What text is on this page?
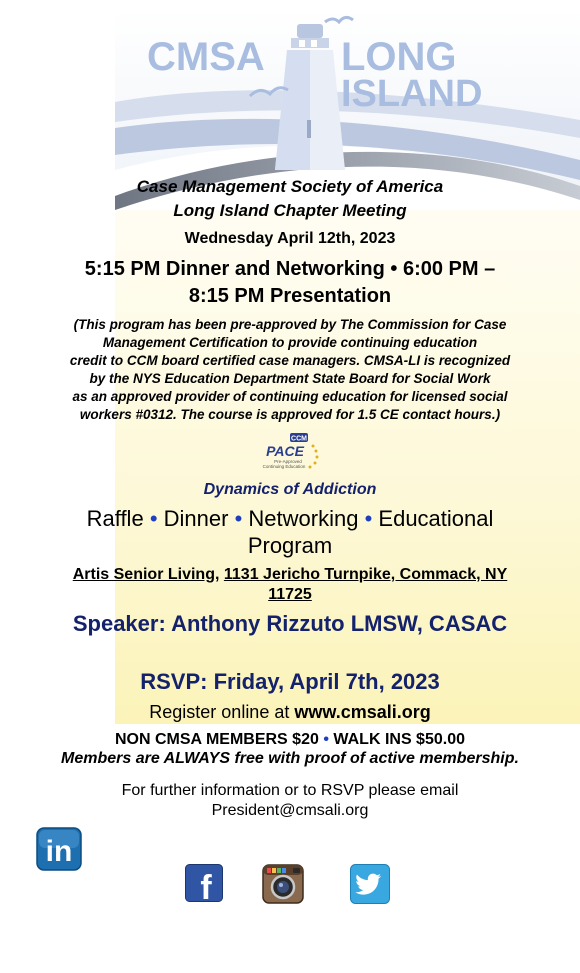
CMSA LONG
ISLAND
Case Management Society of America
Long Island Chapter Meeting
Wednesday April 12th, 2023
5:15 PM Dinner and Networking • 6:00 PM –
8:15 PM Presentation
(This program has been pre-approved by The Commission for Case
Management Certification to provide continuing education
credit to CCM board certified case managers. CMSA-LI is recognized
by the NYS Education Department State Board for Social Work
as an approved provider of continuing education for licensed social
workers #0312. The course is approved for 1.5 CE contact hours.)
CCM
PACE
Pre-Approved
Continuing Education
Dynamics of Addiction
Raffle • Dinner • Networking • Educational
Program
Artis Senior Living, 1131 Jericho Turnpike, Commack, NY
11725
Speaker: Anthony Rizzuto LMSW, CASAC
RSVP: Friday, April 7th, 2023
Register online at www.cmsali.org
NON CMSA MEMBERS $20 • WALK INS $50.00
Members are ALWAYS free with proof of active membership.
For further information or to RSVP please email
President@cmsali.org
in
f
